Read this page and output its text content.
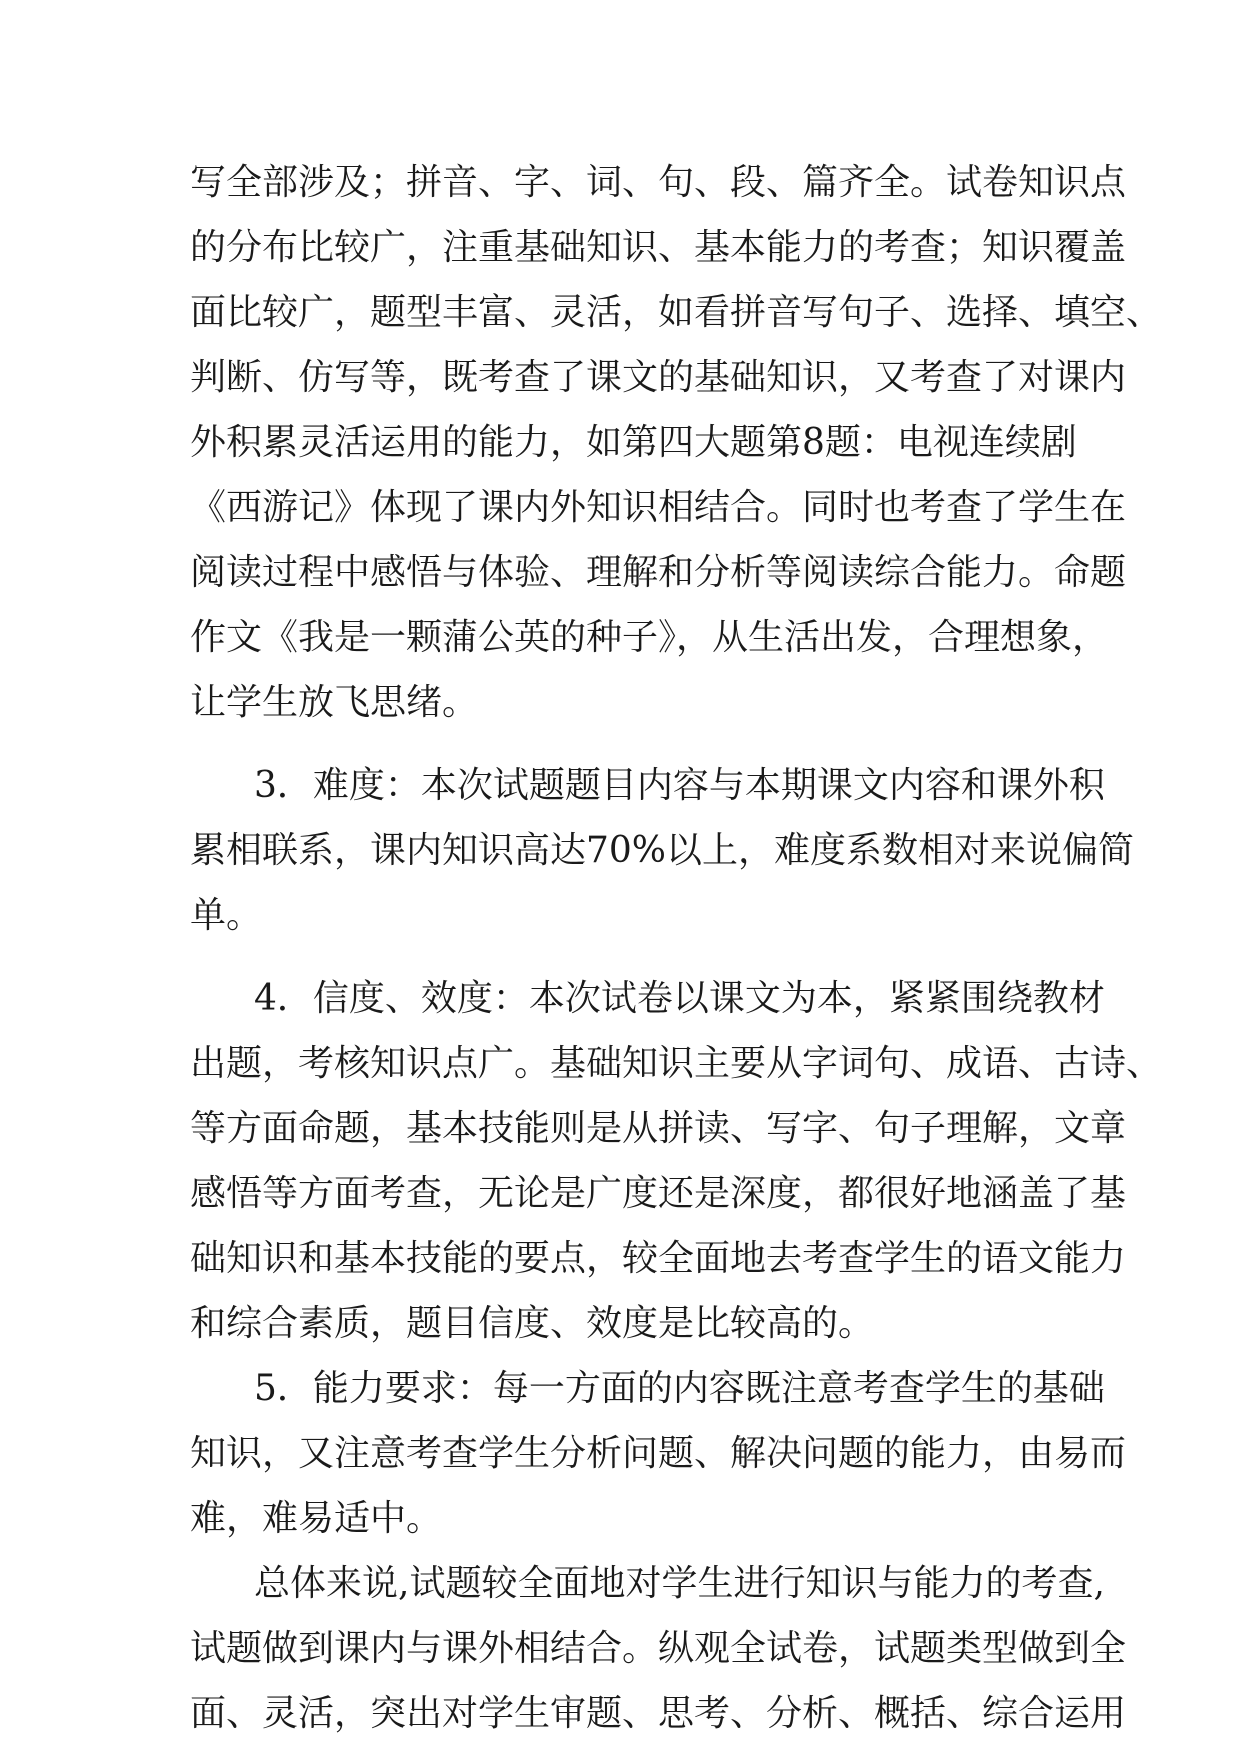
写全部涉及；拼音、字、词、句、段、篇齐全。试卷知识点
的分布比较广，注重基础知识、基本能力的考查；知识覆盖
面比较广，题型丰富、灵活，如看拼音写句子、选择、填空、
判断、仿写等，既考查了课文的基础知识，又考查了对课内
外积累灵活运用的能力，如第四大题第8题：电视连续剧
《西游记》体现了课内外知识相结合。同时也考查了学生在
阅读过程中感悟与体验、理解和分析等阅读综合能力。命题
作文《我是一颗蒲公英的种子》，从生活出发，合理想象，
让学生放飞思绪。
3．难度：本次试题题目内容与本期课文内容和课外积
累相联系，课内知识高达70%以上，难度系数相对来说偏简
单。
4．信度、效度：本次试卷以课文为本，紧紧围绕教材
出题，考核知识点广。基础知识主要从字词句、成语、古诗、
等方面命题，基本技能则是从拼读、写字、句子理解，文章
感悟等方面考查，无论是广度还是深度，都很好地涵盖了基
础知识和基本技能的要点，较全面地去考查学生的语文能力
和综合素质，题目信度、效度是比较高的。
5．能力要求：每一方面的内容既注意考查学生的基础
知识，又注意考查学生分析问题、解决问题的能力，由易而
难，难易适中。
总体来说,试题较全面地对学生进行知识与能力的考查,
试题做到课内与课外相结合。纵观全试卷，试题类型做到全
面、灵活，突出对学生审题、思考、分析、概括、综合运用
